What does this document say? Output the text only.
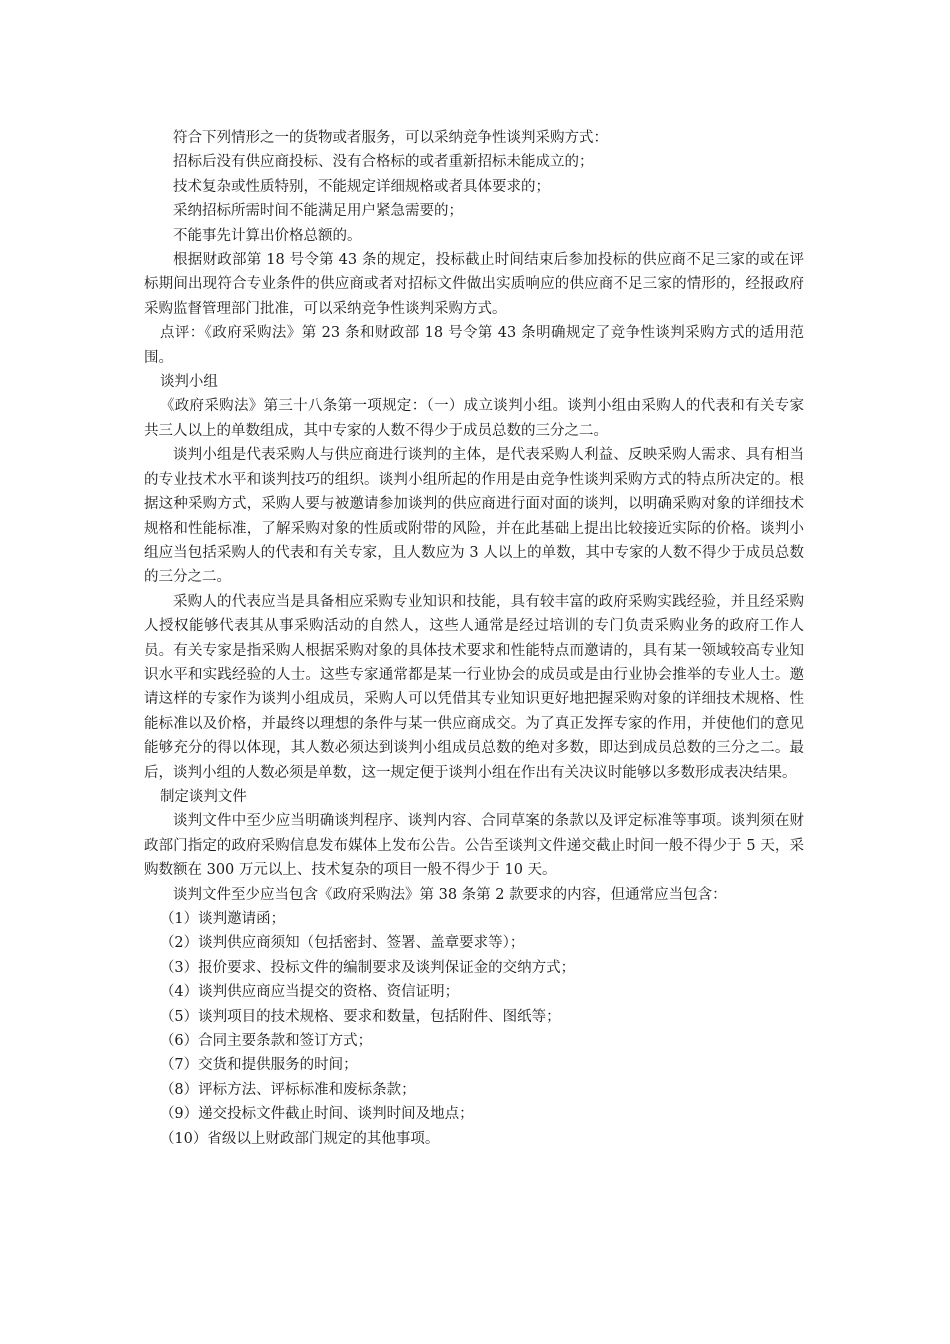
符合下列情形之一的货物或者服务，可以采纳竞争性谈判采购方式：

招标后没有供应商投标、没有合格标的或者重新招标未能成立的；

技术复杂或性质特别，不能规定详细规格或者具体要求的；

采纳招标所需时间不能满足用户紧急需要的；

不能事先计算出价格总额的。

根据财政部第 18 号令第 43 条的规定，投标截止时间结束后参加投标的供应商不足三家的或在评标期间出现符合专业条件的供应商或者对招标文件做出实质响应的供应商不足三家的情形的，经报政府采购监督管理部门批准，可以采纳竞争性谈判采购方式。

点评：《政府采购法》第 23 条和财政部 18 号令第 43 条明确规定了竞争性谈判采购方式的适用范围。

谈判小组

《政府采购法》第三十八条第一项规定：（一）成立谈判小组。谈判小组由采购人的代表和有关专家共三人以上的单数组成，其中专家的人数不得少于成员总数的三分之二。

谈判小组是代表采购人与供应商进行谈判的主体，是代表采购人利益、反映采购人需求、具有相当的专业技术水平和谈判技巧的组织。谈判小组所起的作用是由竞争性谈判采购方式的特点所决定的。根据这种采购方式，采购人要与被邀请参加谈判的供应商进行面对面的谈判，以明确采购对象的详细技术规格和性能标准，了解采购对象的性质或附带的风险，并在此基础上提出比较接近实际的价格。谈判小组应当包括采购人的代表和有关专家，且人数应为 3 人以上的单数，其中专家的人数不得少于成员总数的三分之二。

采购人的代表应当是具备相应采购专业知识和技能，具有较丰富的政府采购实践经验，并且经采购人授权能够代表其从事采购活动的自然人，这些人通常是经过培训的专门负责采购业务的政府工作人员。有关专家是指采购人根据采购对象的具体技术要求和性能特点而邀请的，具有某一领域较高专业知识水平和实践经验的人士。这些专家通常都是某一行业协会的成员或是由行业协会推举的专业人士。邀请这样的专家作为谈判小组成员，采购人可以凭借其专业知识更好地把握采购对象的详细技术规格、性能标准以及价格，并最终以理想的条件与某一供应商成交。为了真正发挥专家的作用，并使他们的意见能够充分的得以体现，其人数必须达到谈判小组成员总数的绝对多数，即达到成员总数的三分之二。最后，谈判小组的人数必须是单数，这一规定便于谈判小组在作出有关决议时能够以多数形成表决结果。

制定谈判文件

谈判文件中至少应当明确谈判程序、谈判内容、合同草案的条款以及评定标准等事项。谈判须在财政部门指定的政府采购信息发布媒体上发布公告。公告至谈判文件递交截止时间一般不得少于 5 天，采购数额在 300 万元以上、技术复杂的项目一般不得少于 10 天。

谈判文件至少应当包含《政府采购法》第 38 条第 2 款要求的内容，但通常应当包含：

（1）谈判邀请函；

（2）谈判供应商须知（包括密封、签署、盖章要求等）；

（3）报价要求、投标文件的编制要求及谈判保证金的交纳方式；

（4）谈判供应商应当提交的资格、资信证明；

（5）谈判项目的技术规格、要求和数量，包括附件、图纸等；

（6）合同主要条款和签订方式；

（7）交货和提供服务的时间；

（8）评标方法、评标标准和废标条款；

（9）递交投标文件截止时间、谈判时间及地点；

（10）省级以上财政部门规定的其他事项。
